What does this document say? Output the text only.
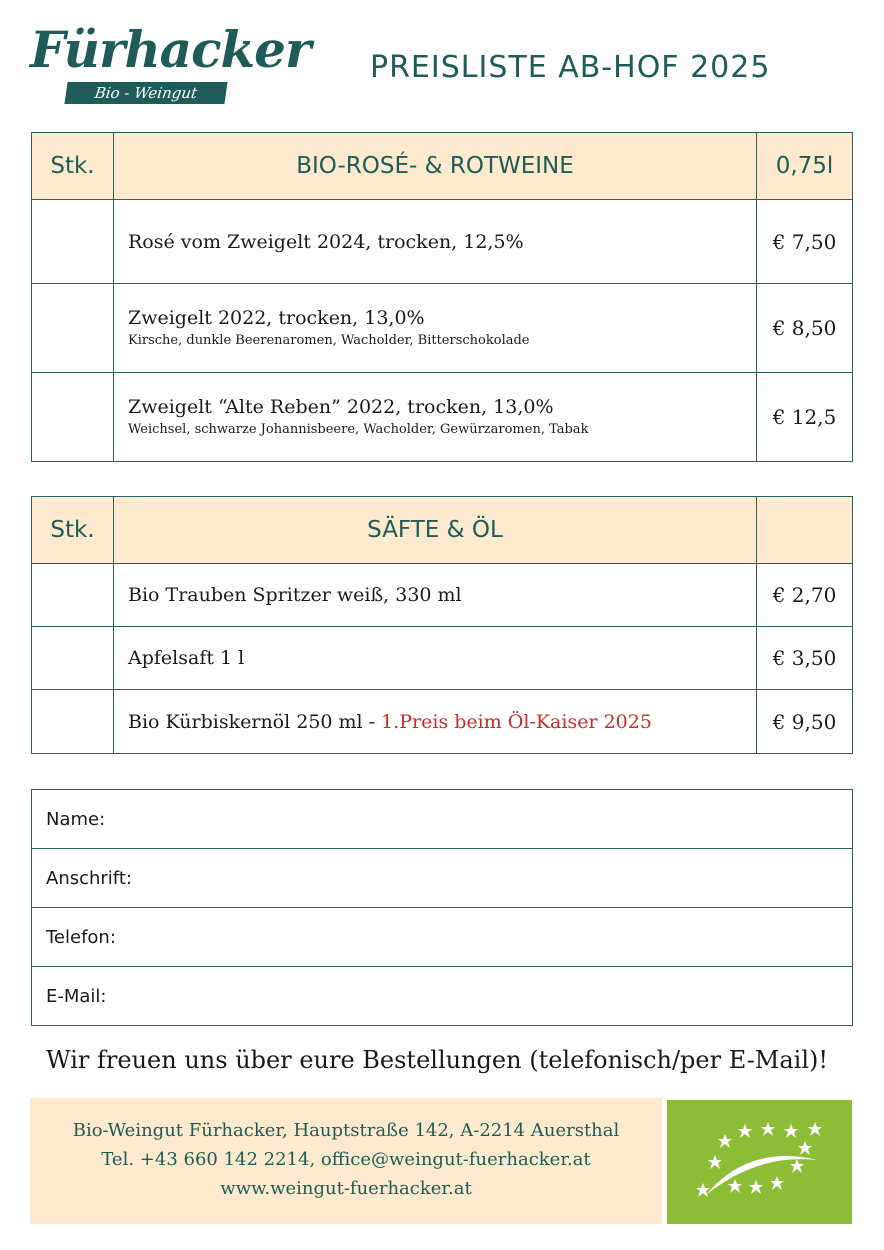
Fürhacker
Bio - Weingut
PREISLISTE AB-HOF 2025
Stk.	BIO-ROSÉ- & ROTWEINE	0,75l

	Rosé vom Zweigelt 2024, trocken, 12,5%	€ 7,50

	Zweigelt 2022, trocken, 13,0%
Kirsche, dunkle Beerenaromen, Wacholder, Bitterschokolade	€ 8,50

	Zweigelt “Alte Reben” 2022, trocken, 13,0%
Weichsel, schwarze Johannisbeere, Wacholder, Gewürzaromen, Tabak	€ 12,5
Stk.	SÄFTE & ÖL	

	Bio Trauben Spritzer weiß, 330 ml	€ 2,70

	Apfelsaft 1 l	€ 3,50

	Bio Kürbiskernöl 250 ml - 1.Preis beim Öl-Kaiser 2025	€ 9,50
Name:
Anschrift:
Telefon:
E-Mail:
Wir freuen uns über eure Bestellungen (telefonisch/per E-Mail)!
Bio-Weingut Fürhacker, Hauptstraße 142, A-2214 Auersthal
Tel. +43 660 142 2214, office@weingut-fuerhacker.at
www.weingut-fuerhacker.at
